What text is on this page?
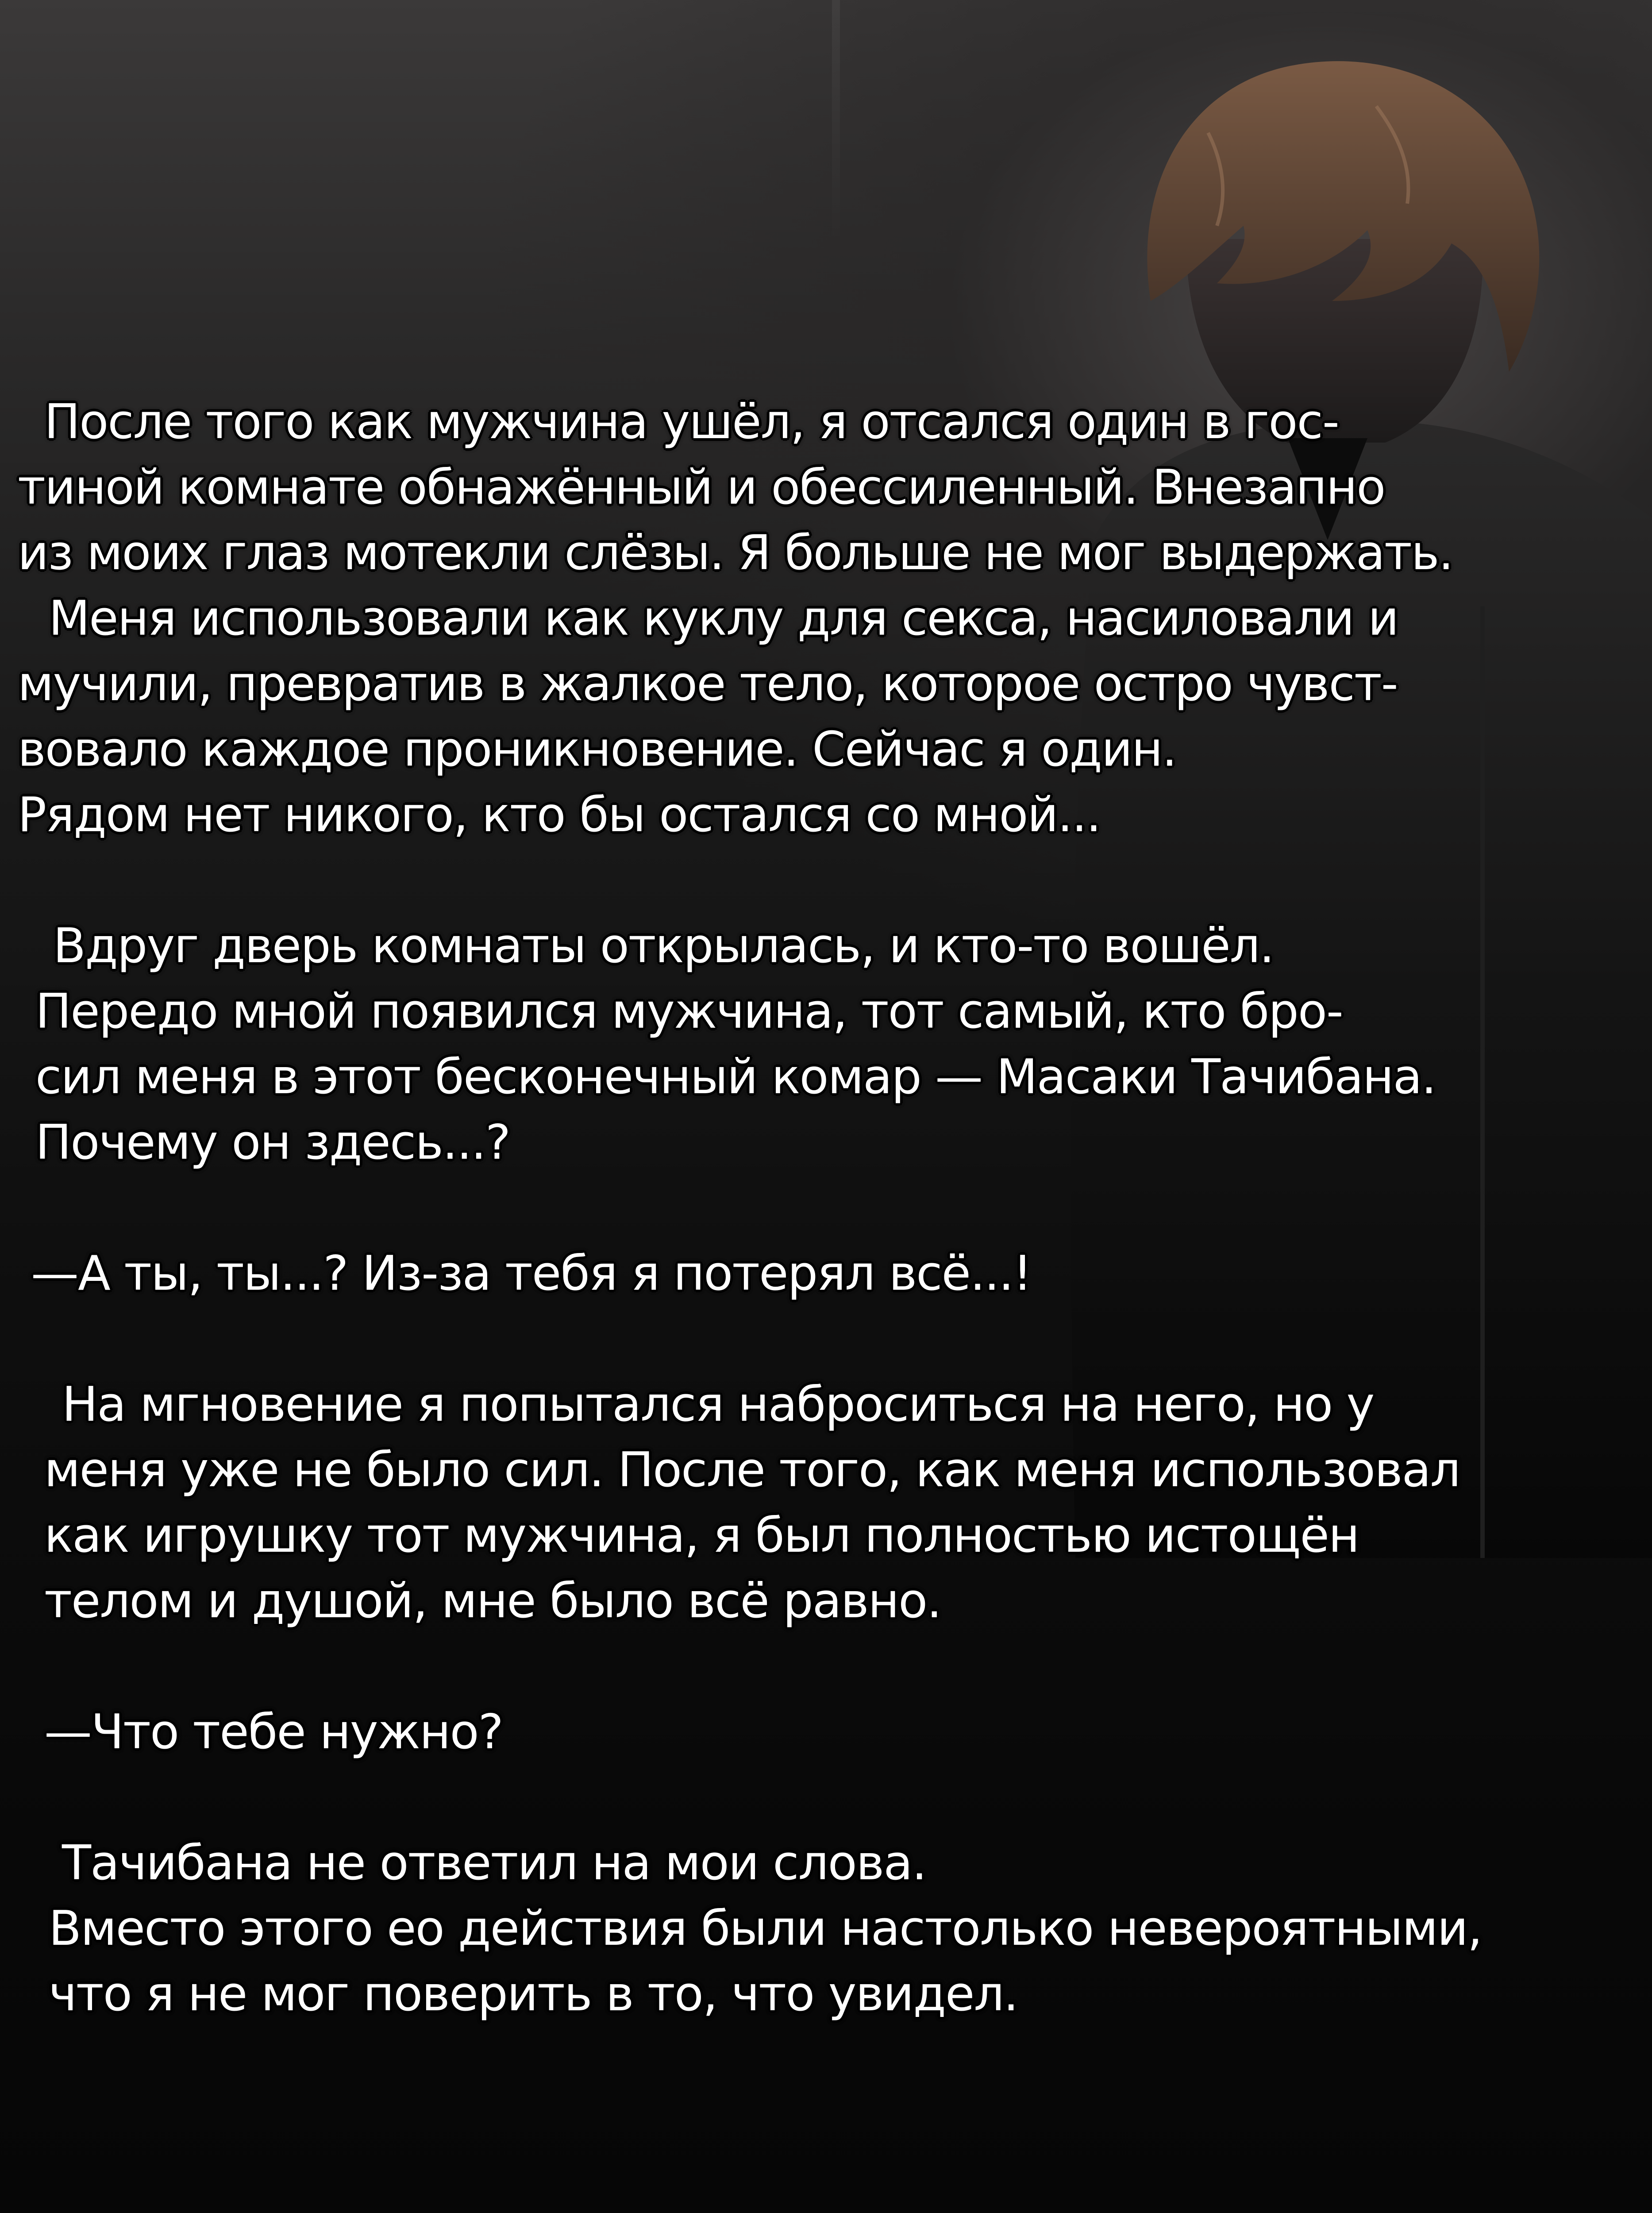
После того как мужчина ушёл, я отсался один в гос-
тиной комнате обнажённый и обессиленный. Внезапно
из моих глаз мотекли слёзы. Я больше не мог выдержать.
Меня использовали как куклу для секса, насиловали и
мучили, превратив в жалкое тело, которое остро чувст-
вовало каждое проникновение. Сейчас я один.
Рядом нет никого, кто бы остался со мной...
Вдруг дверь комнаты открылась, и кто-то вошёл.
Передо мной появился мужчина, тот самый, кто бро-
сил меня в этот бесконечный комар — Масаки Тачибана.
Почему он здесь...?
—А ты, ты...? Из-за тебя я потерял всё...!
На мгновение я попытался наброситься на него, но у
меня уже не было сил. После того, как меня использовал
как игрушку тот мужчина, я был полностью истощён
телом и душой, мне было всё равно.
—Что тебе нужно?
Тачибана не ответил на мои слова.
Вместо этого ео действия были настолько невероятными,
что я не мог поверить в то, что увидел.
